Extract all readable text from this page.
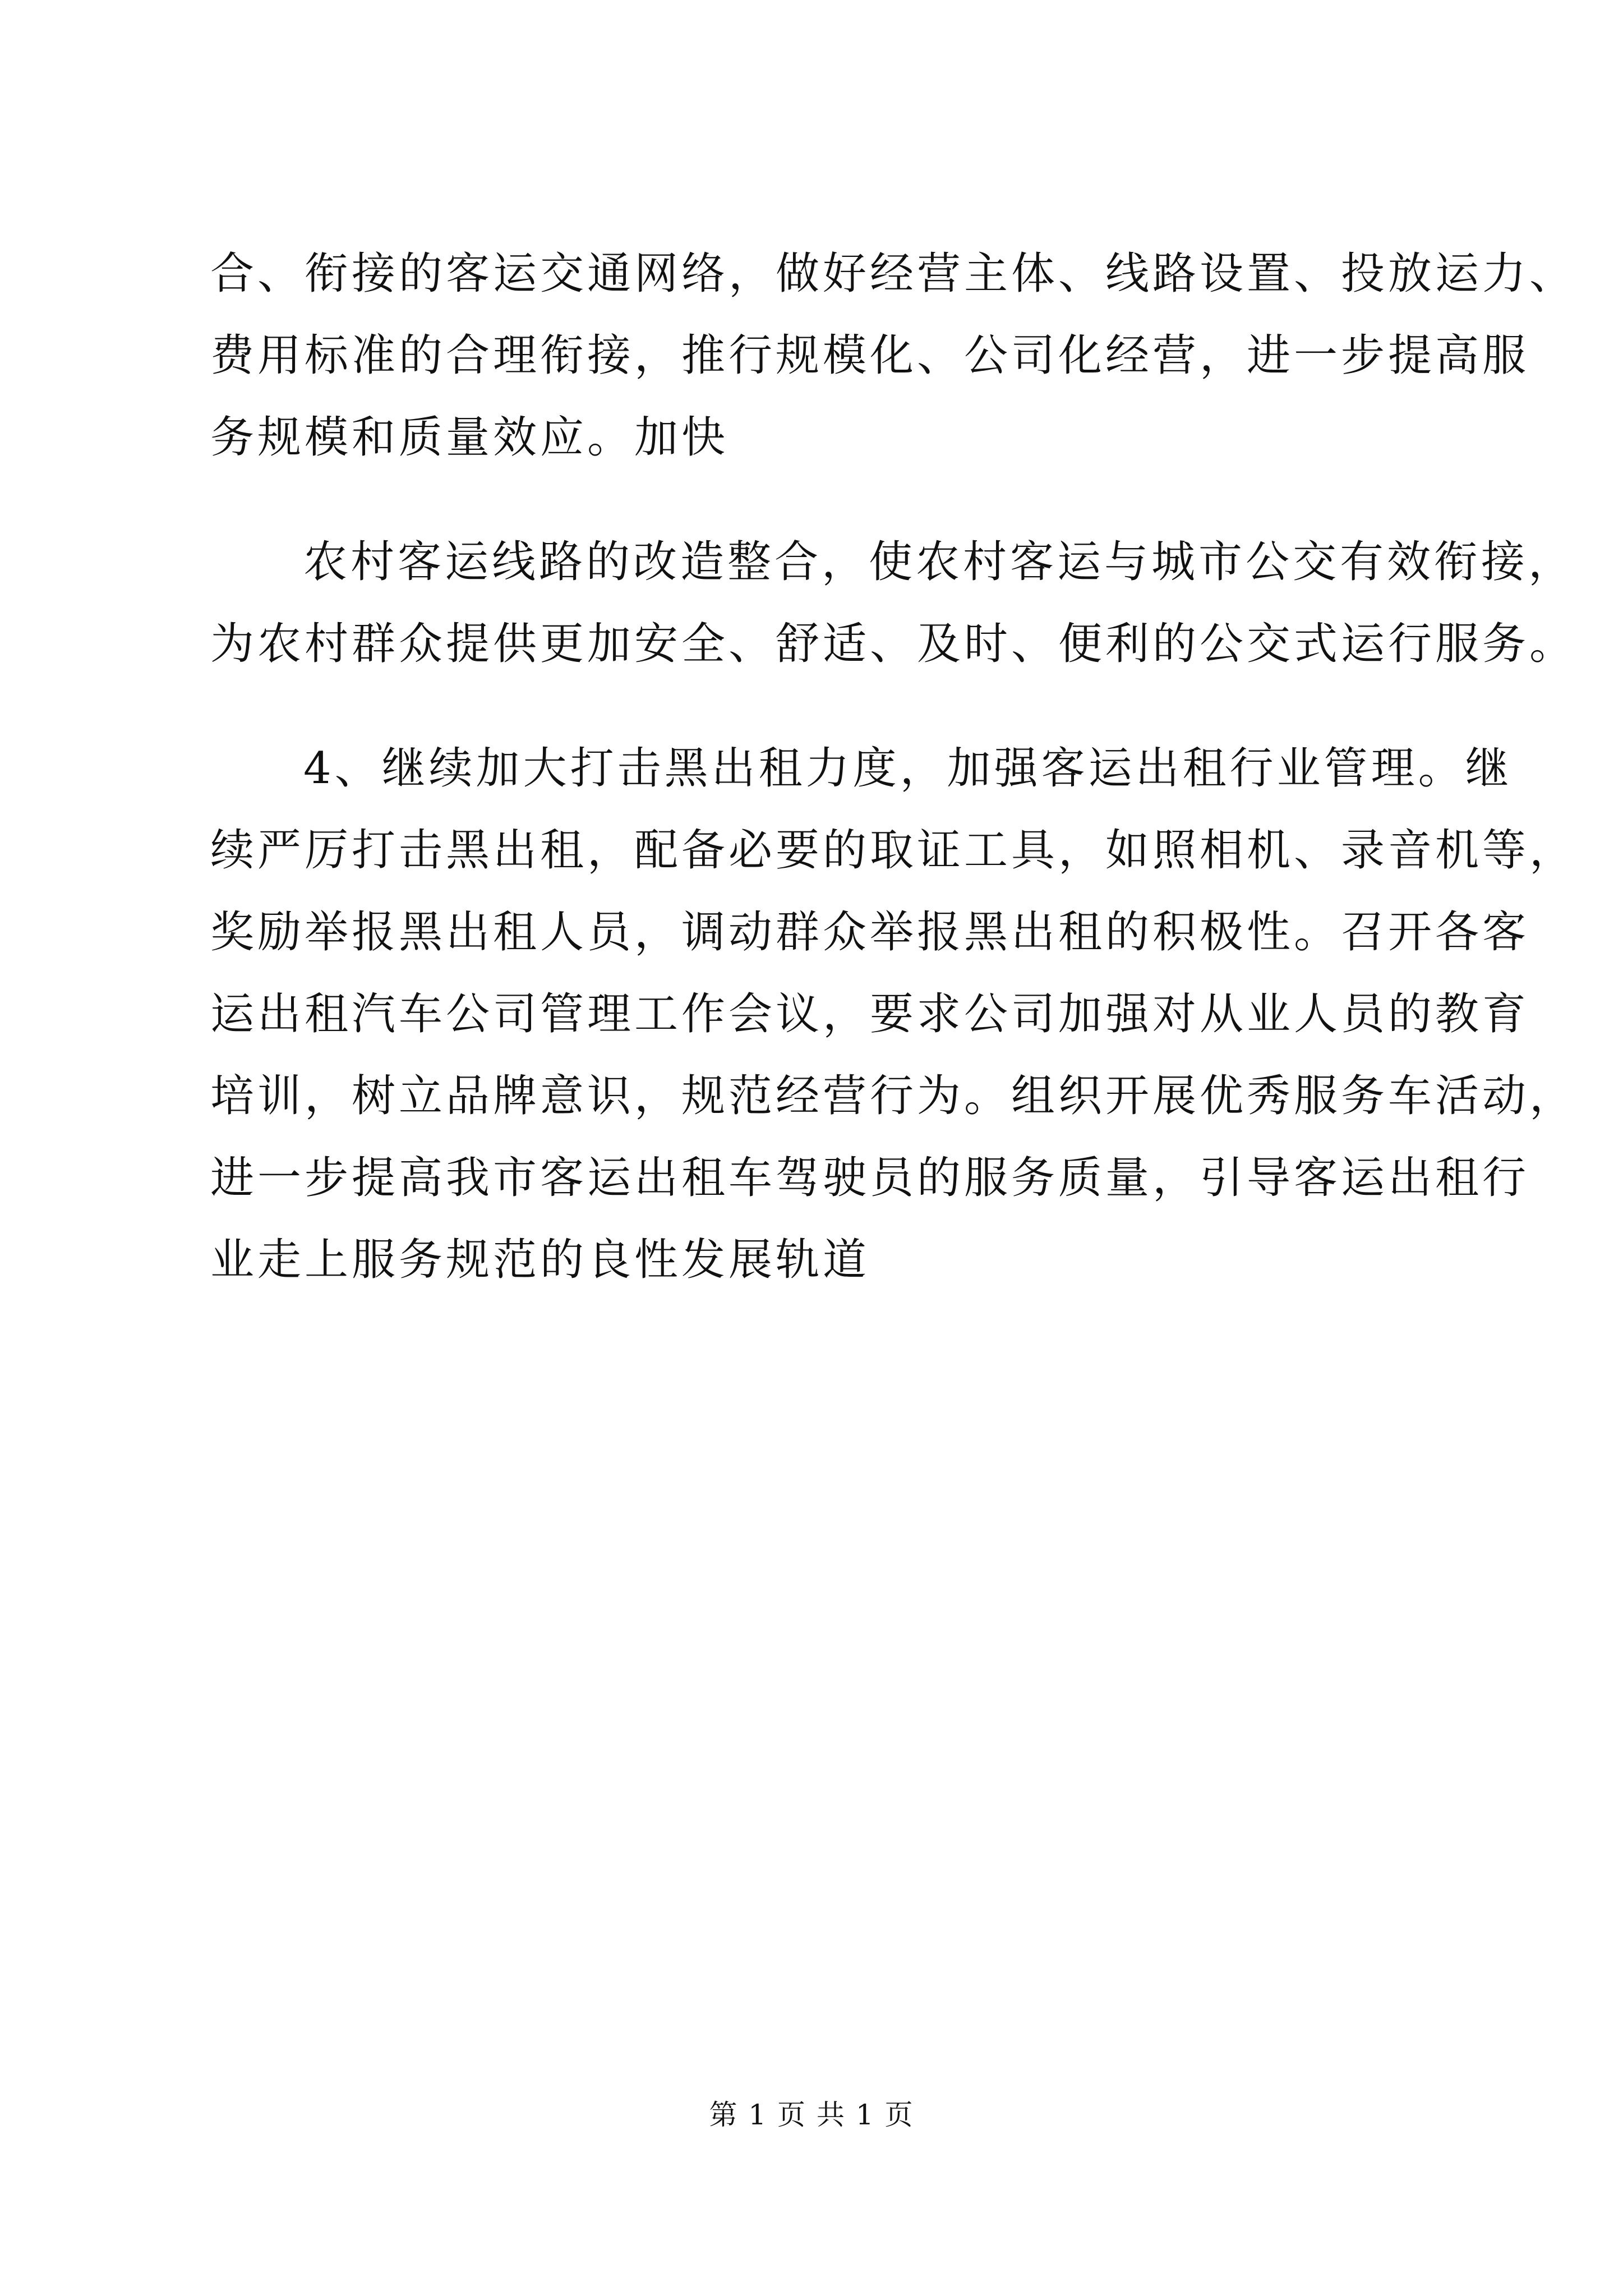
合、衔接的客运交通网络，做好经营主体、线路设置、投放运力、
费用标准的合理衔接，推行规模化、公司化经营，进一步提高服
务规模和质量效应。加快
农村客运线路的改造整合，使农村客运与城市公交有效衔接，
为农村群众提供更加安全、舒适、及时、便利的公交式运行服务。
4、继续加大打击黑出租力度，加强客运出租行业管理。继
续严厉打击黑出租，配备必要的取证工具，如照相机、录音机等，
奖励举报黑出租人员，调动群众举报黑出租的积极性。召开各客
运出租汽车公司管理工作会议，要求公司加强对从业人员的教育
培训，树立品牌意识，规范经营行为。组织开展优秀服务车活动，
进一步提高我市客运出租车驾驶员的服务质量，引导客运出租行
业走上服务规范的良性发展轨道
第 1 页 共 1 页
